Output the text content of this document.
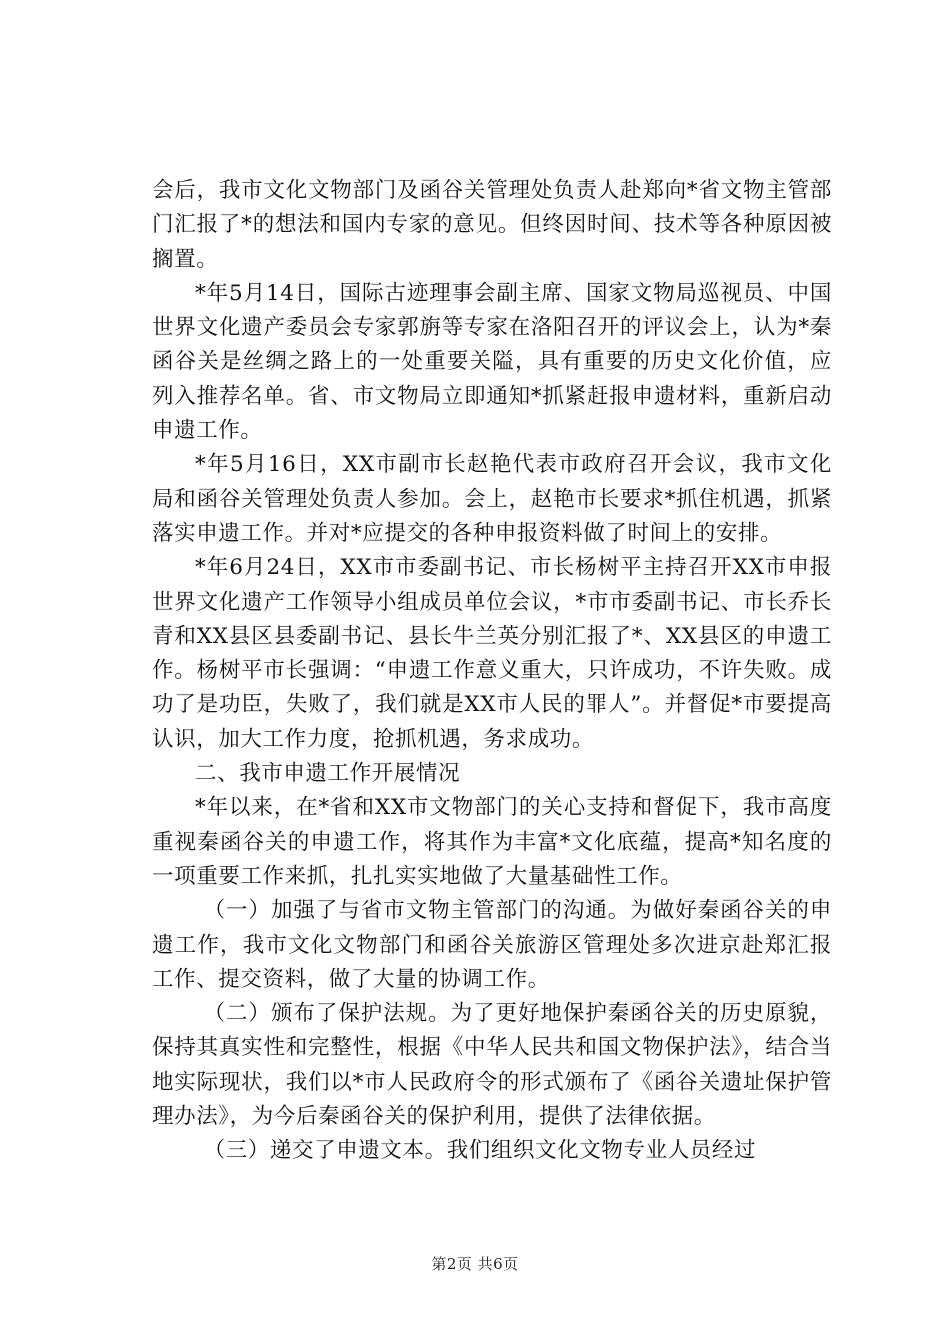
会后，我市文化文物部门及函谷关管理处负责人赴郑向*省文物主管部门汇报了*的想法和国内专家的意见。但终因时间、技术等各种原因被搁置。

*年5月14日，国际古迹理事会副主席、国家文物局巡视员、中国世界文化遗产委员会专家郭旃等专家在洛阳召开的评议会上，认为*秦函谷关是丝绸之路上的一处重要关隘，具有重要的历史文化价值，应列入推荐名单。省、市文物局立即通知*抓紧赶报申遗材料，重新启动申遗工作。

*年5月16日，XX市副市长赵艳代表市政府召开会议，我市文化局和函谷关管理处负责人参加。会上，赵艳市长要求*抓住机遇，抓紧落实申遗工作。并对*应提交的各种申报资料做了时间上的安排。

*年6月24日，XX市市委副书记、市长杨树平主持召开XX市申报世界文化遗产工作领导小组成员单位会议，*市市委副书记、市长乔长青和XX县区县委副书记、县长牛兰英分别汇报了*、XX县区的申遗工作。杨树平市长强调：“申遗工作意义重大，只许成功，不许失败。成功了是功臣，失败了，我们就是XX市人民的罪人”。并督促*市要提高认识，加大工作力度，抢抓机遇，务求成功。

二、我市申遗工作开展情况

*年以来，在*省和XX市文物部门的关心支持和督促下，我市高度重视秦函谷关的申遗工作，将其作为丰富*文化底蕴，提高*知名度的一项重要工作来抓，扎扎实实地做了大量基础性工作。

（一）加强了与省市文物主管部门的沟通。为做好秦函谷关的申遗工作，我市文化文物部门和函谷关旅游区管理处多次进京赴郑汇报工作、提交资料，做了大量的协调工作。

（二）颁布了保护法规。为了更好地保护秦函谷关的历史原貌，保持其真实性和完整性，根据《中华人民共和国文物保护法》，结合当地实际现状，我们以*市人民政府令的形式颁布了《函谷关遗址保护管理办法》，为今后秦函谷关的保护利用，提供了法律依据。

（三）递交了申遗文本。我们组织文化文物专业人员经过

第2页 共6页
